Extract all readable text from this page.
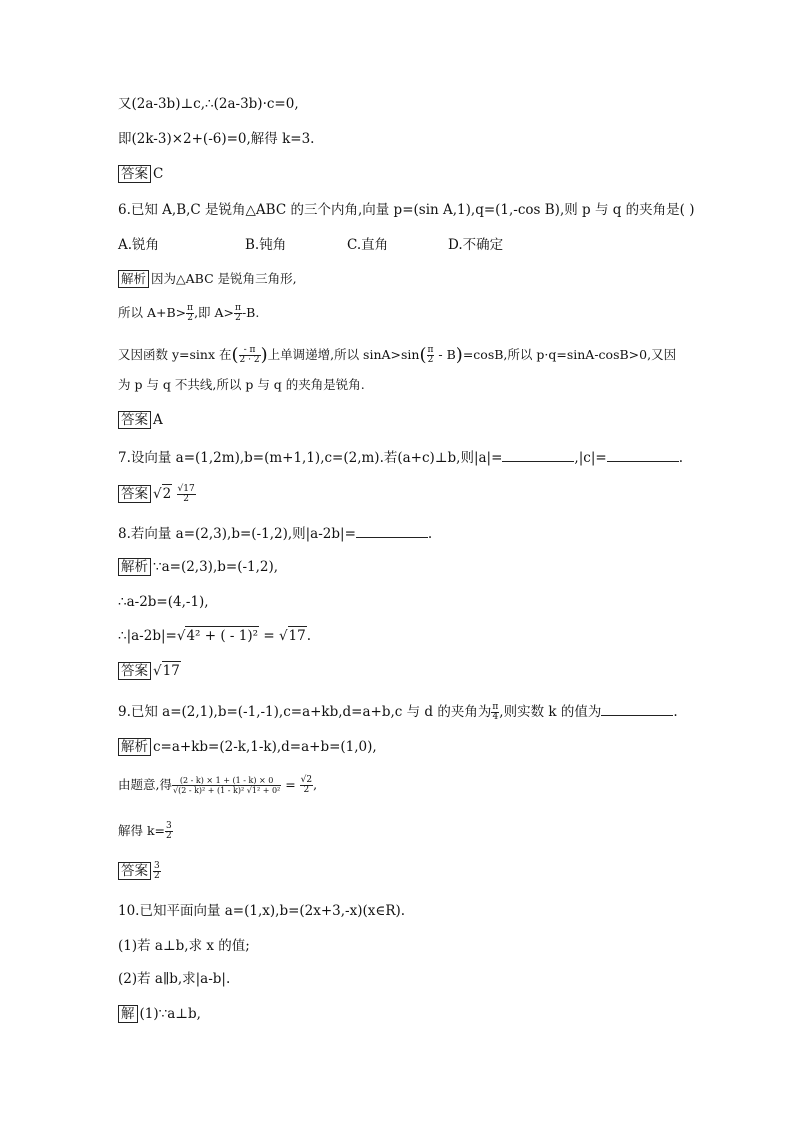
又(2a-3b)⊥c,∴(2a-3b)·c=0,
即(2k-3)×2+(-6)=0,解得 k=3.
答案 C
6.已知 A,B,C 是锐角△ABC 的三个内角,向量 p=(sin A,1),q=(1,-cos B),则 p 与 q 的夹角是( )
A.锐角	B.钝角	C.直角	D.不确定
解析 因为△ABC 是锐角三角形,
所以 $A+B> \frac{\pi}{2}$ ,即 $A> \frac{\pi}{2} -B$.
又因函数 y=sinx 在( $\frac{- \pi}{2 \cdot 2}$ )上单调递增,所以 $\sin A>\sin( \frac{\pi}{2} - B)=\cos B$,所以 p·q=sinA-cosB>0,又因
为 p 与 q 不共线,所以 p 与 q 的夹角是锐角.
答案 A
7.设向量 a=(1,2m),b=(m+1,1),c=(2,m).若(a+c)⊥b,则|a|=	,|c|=	.
答案 $√2 \frac{√17}{2}$
8.若向量 a=(2,3),b=(-1,2),则|a-2b|=	.
解析 ∵a=(2,3),b=(-1,2),
∴a-2b=(4,-1),
∴|a-2b|=√4² + ( - 1)² = √17.
答案 √17
9.已知 a=(2,1),b=(-1,-1),c=a+kb,d=a+b,c 与 d 的夹角为 $\frac{\pi}{4}$ ,则实数 k 的值为	.
解析 c=a+kb=(2-k,1-k),d=a+b=(1,0),
由题意,得 $\frac{(2 - k) \times 1 + (1 - k) \times 0}{\text{√(2 - k)² + (1 - k)² √1² + 0²}} = \frac{√2}{2}$ ,
解得 $k= \frac{3}{2}$
答案 $\frac{3}{2}$
10.已知平面向量 a=(1,x),b=(2x+3,-x)(x∈R).
(1)若 a⊥b,求 x 的值;
(2)若 a∥b,求|a-b|.
解 (1)∵a⊥b,
